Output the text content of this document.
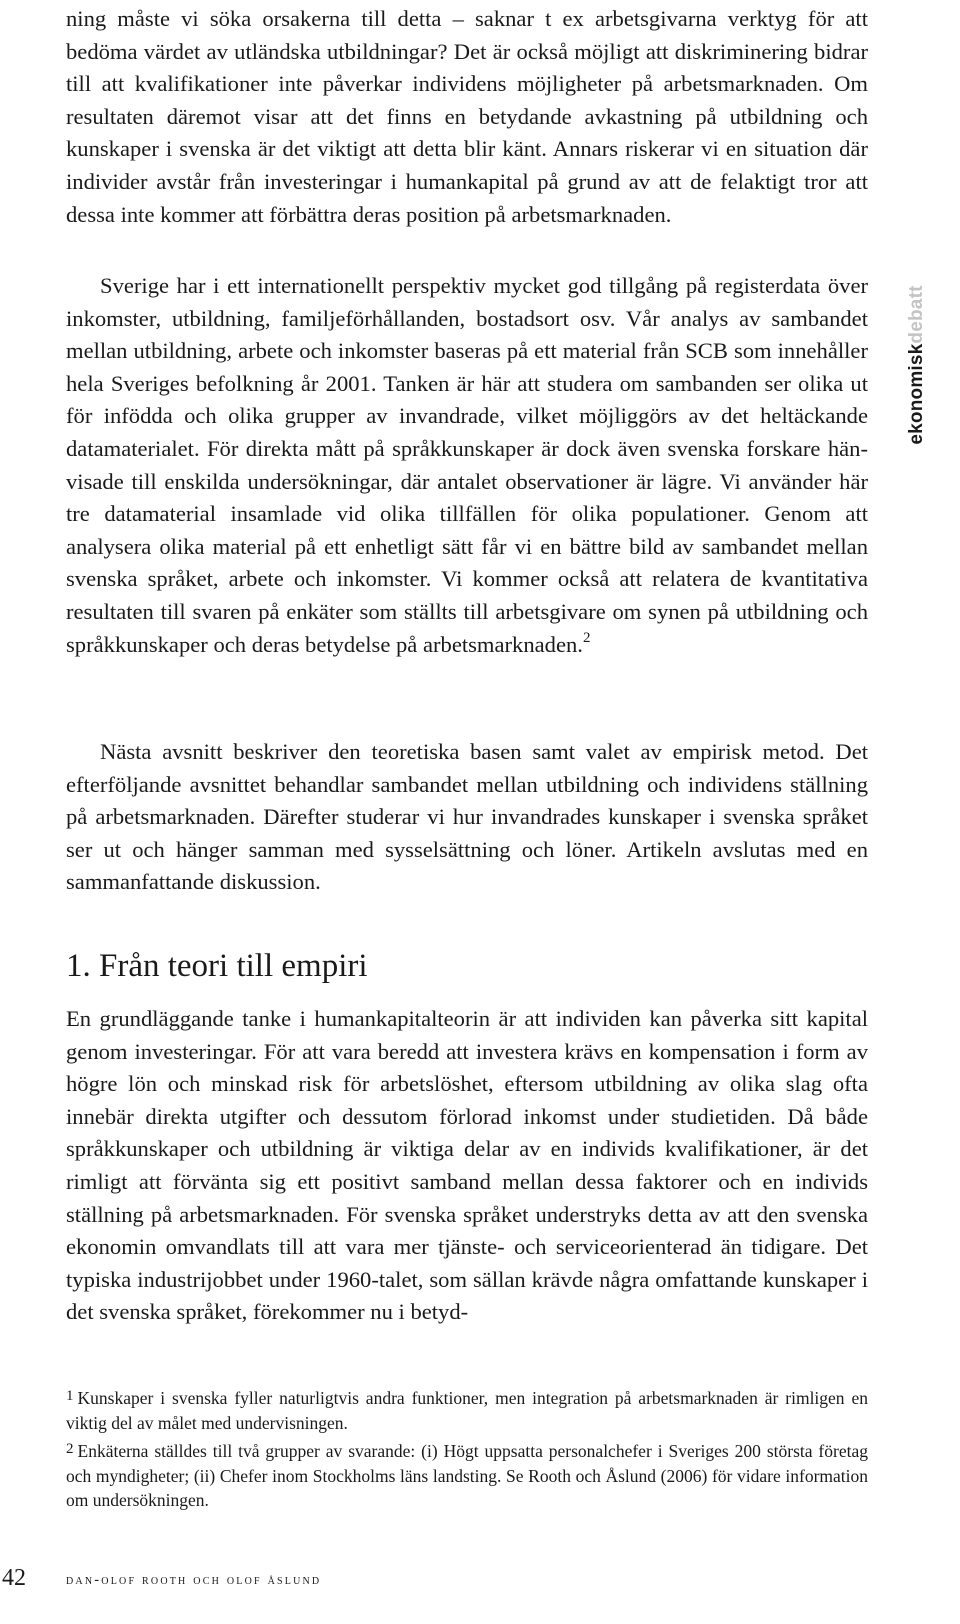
ning måste vi söka orsakerna till detta – saknar t ex arbetsgivarna verktyg för att bedöma värdet av utländska utbildningar? Det är också möjligt att diskriminering bidrar till att kvalifikationer inte påverkar individens möjligheter på arbetsmarknaden. Om resultaten däremot visar att det finns en betydande avkastning på utbildning och kunskaper i svenska är det viktigt att detta blir känt. Annars riskerar vi en situation där individer avstår från investeringar i humankapital på grund av att de felaktigt tror att dessa inte kommer att förbättra deras position på arbetsmarknaden.

Sverige har i ett internationellt perspektiv mycket god tillgång på registerdata över inkomster, utbildning, familjeförhållanden, bostadsort osv. Vår analys av sambandet mellan utbildning, arbete och inkomster baseras på ett material från SCB som innehåller hela Sveriges befolkning år 2001. Tanken är här att studera om sambanden ser olika ut för infödda och olika grupper av invandrade, vilket möjliggörs av det heltäckande datamaterialet. För direkta mått på språkkunskaper är dock även svenska forskare hänvisade till enskilda undersökningar, där antalet observationer är lägre. Vi använder här tre datamaterial insamlade vid olika tillfällen för olika populationer. Genom att analysera olika material på ett enhetligt sätt får vi en bättre bild av sambandet mellan svenska språket, arbete och inkomster. Vi kommer också att relatera de kvantitativa resultaten till svaren på enkäter som ställts till arbetsgivare om synen på utbildning och språkkunskaper och deras betydelse på arbetsmarknaden.$^2$

Nästa avsnitt beskriver den teoretiska basen samt valet av empirisk metod. Det efterföljande avsnittet behandlar sambandet mellan utbildning och individens ställning på arbetsmarknaden. Därefter studerar vi hur invandrades kunskaper i svenska språket ser ut och hänger samman med sysselsättning och löner. Artikeln avslutas med en sammanfattande diskussion.

1. Från teori till empiri

En grundläggande tanke i humankapitalteorin är att individen kan påverka sitt kapital genom investeringar. För att vara beredd att investera krävs en kompensation i form av högre lön och minskad risk för arbetslöshet, eftersom utbildning av olika slag ofta innebär direkta utgifter och dessutom förlorad inkomst under studietiden. Då både språkkunskaper och utbildning är viktiga delar av en individs kvalifikationer, är det rimligt att förvänta sig ett positivt samband mellan dessa faktorer och en individs ställning på arbetsmarknaden. För svenska språket understryks detta av att den svenska ekonomin omvandlats till att vara mer tjänste- och serviceorienterad än tidigare. Det typiska industrijobbet under 1960-talet, som sällan krävde några omfattande kunskaper i det svenska språket, förekommer nu i betyd-

$^1$ Kunskaper i svenska fyller naturligtvis andra funktioner, men integration på arbetsmarknaden är rimligen en viktig del av målet med undervisningen.

$^2$ Enkäterna ställdes till två grupper av svarande: (i) Högt uppsatta personalchefer i Sveriges 200 största företag och myndigheter; (ii) Chefer inom Stockholms läns landsting. Se Rooth och Åslund (2006) för vidare information om undersökningen.

ekonomiskdebatt
42	dan-olof rooth och olof åslund
